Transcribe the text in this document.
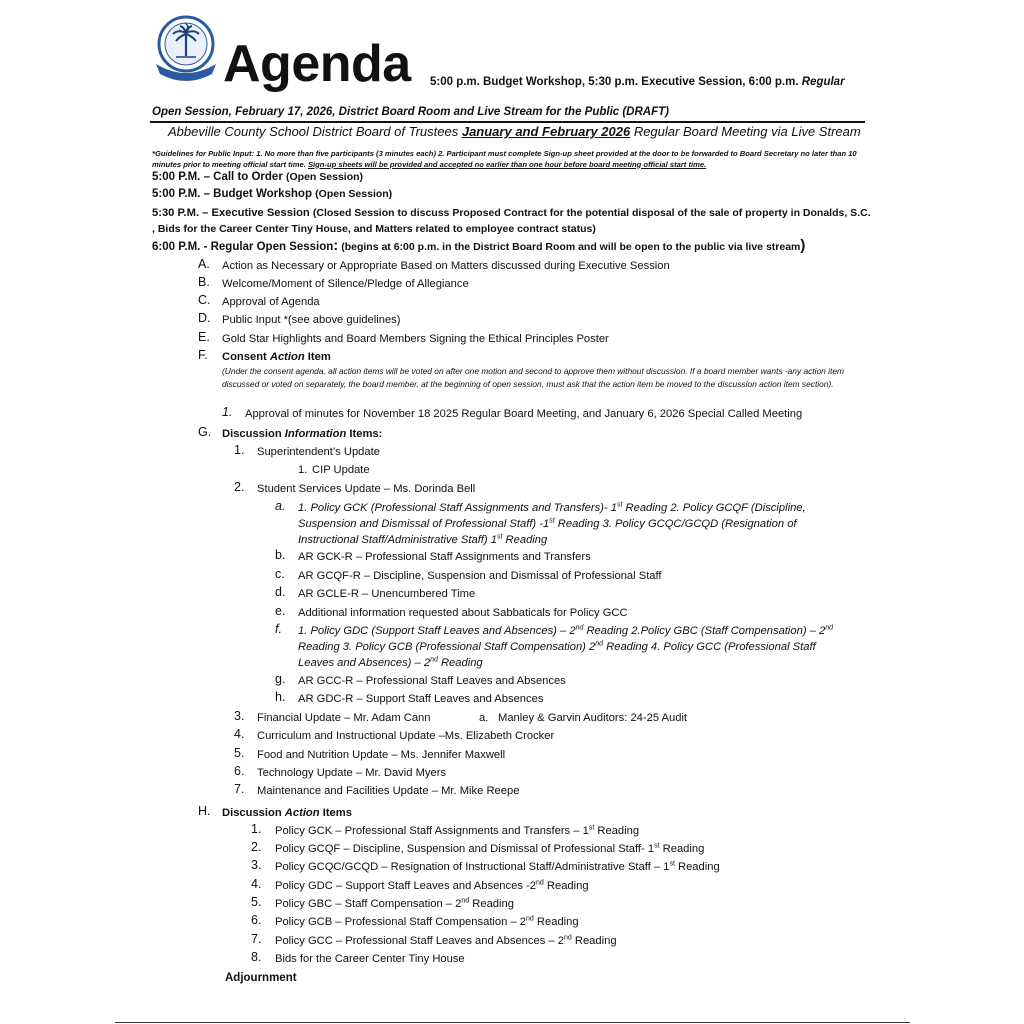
Agenda 5:00 p.m. Budget Workshop, 5:30 p.m. Executive Session, 6:00 p.m. Regular
Open Session, February 17, 2026, District Board Room and Live Stream for the Public (DRAFT)
Abbeville County School District Board of Trustees January and February 2026 Regular Board Meeting via Live Stream
*Guidelines for Public Input: 1. No more than five participants (3 minutes each) 2. Participant must complete Sign-up sheet provided at the door to be forwarded to Board Secretary no later than 10 minutes prior to meeting official start time. Sign-up sheets will be provided and accepted no earlier than one hour before board meeting official start time.
5:00 P.M. – Call to Order (Open Session)
5:00 P.M. – Budget Workshop (Open Session)
5:30 P.M. – Executive Session (Closed Session to discuss Proposed Contract for the potential disposal of the sale of property in Donalds, S.C. , Bids for the Career Center Tiny House, and Matters related to employee contract status)
6:00 P.M. - Regular Open Session: (begins at 6:00 p.m. in the District Board Room and will be open to the public via live stream)
A. Action as Necessary or Appropriate Based on Matters discussed during Executive Session
B. Welcome/Moment of Silence/Pledge of Allegiance
C. Approval of Agenda
D. Public Input *(see above guidelines)
E. Gold Star Highlights and Board Members Signing the Ethical Principles Poster
F. Consent Action Item
(Under the consent agenda, all action items will be voted on after one motion and second to approve them without discussion. If a board member wants -any action item discussed or voted on separately, the board member, at the beginning of open session, must ask that the action item be moved to the discussion action item section).
1. Approval of minutes for November 18 2025 Regular Board Meeting, and January 6, 2026 Special Called Meeting
G. Discussion Information Items:
1. Superintendent’s Update
1. CIP Update
2. Student Services Update – Ms. Dorinda Bell
a. 1. Policy GCK (Professional Staff Assignments and Transfers)- 1st Reading 2. Policy GCQF (Discipline,
Suspension and Dismissal of Professional Staff) -1st Reading 3. Policy GCQC/GCQD (Resignation of
Instructional Staff/Administrative Staff) 1st Reading
b. AR GCK-R – Professional Staff Assignments and Transfers
c. AR GCQF-R – Discipline, Suspension and Dismissal of Professional Staff
d. AR GCLE-R – Unencumbered Time
e. Additional information requested about Sabbaticals for Policy GCC
f. 1. Policy GDC (Support Staff Leaves and Absences) – 2nd Reading 2.Policy GBC (Staff Compensation) – 2nd
Reading 3. Policy GCB (Professional Staff Compensation) 2nd Reading 4. Policy GCC (Professional Staff
Leaves and Absences) – 2nd Reading
g. AR GCC-R – Professional Staff Leaves and Absences
h. AR GDC-R – Support Staff Leaves and Absences
3. Financial Update – Mr. Adam Cann	a. Manley & Garvin Auditors: 24-25 Audit
4. Curriculum and Instructional Update –Ms. Elizabeth Crocker
5. Food and Nutrition Update – Ms. Jennifer Maxwell
6. Technology Update – Mr. David Myers
7. Maintenance and Facilities Update – Mr. Mike Reepe
H. Discussion Action Items
1. Policy GCK – Professional Staff Assignments and Transfers – 1st Reading
2. Policy GCQF – Discipline, Suspension and Dismissal of Professional Staff- 1st Reading
3. Policy GCQC/GCQD – Resignation of Instructional Staff/Administrative Staff – 1st Reading
4. Policy GDC – Support Staff Leaves and Absences -2nd Reading
5. Policy GBC – Staff Compensation – 2nd Reading
6. Policy GCB – Professional Staff Compensation – 2nd Reading
7. Policy GCC – Professional Staff Leaves and Absences – 2nd Reading
8. Bids for the Career Center Tiny House
Adjournment
